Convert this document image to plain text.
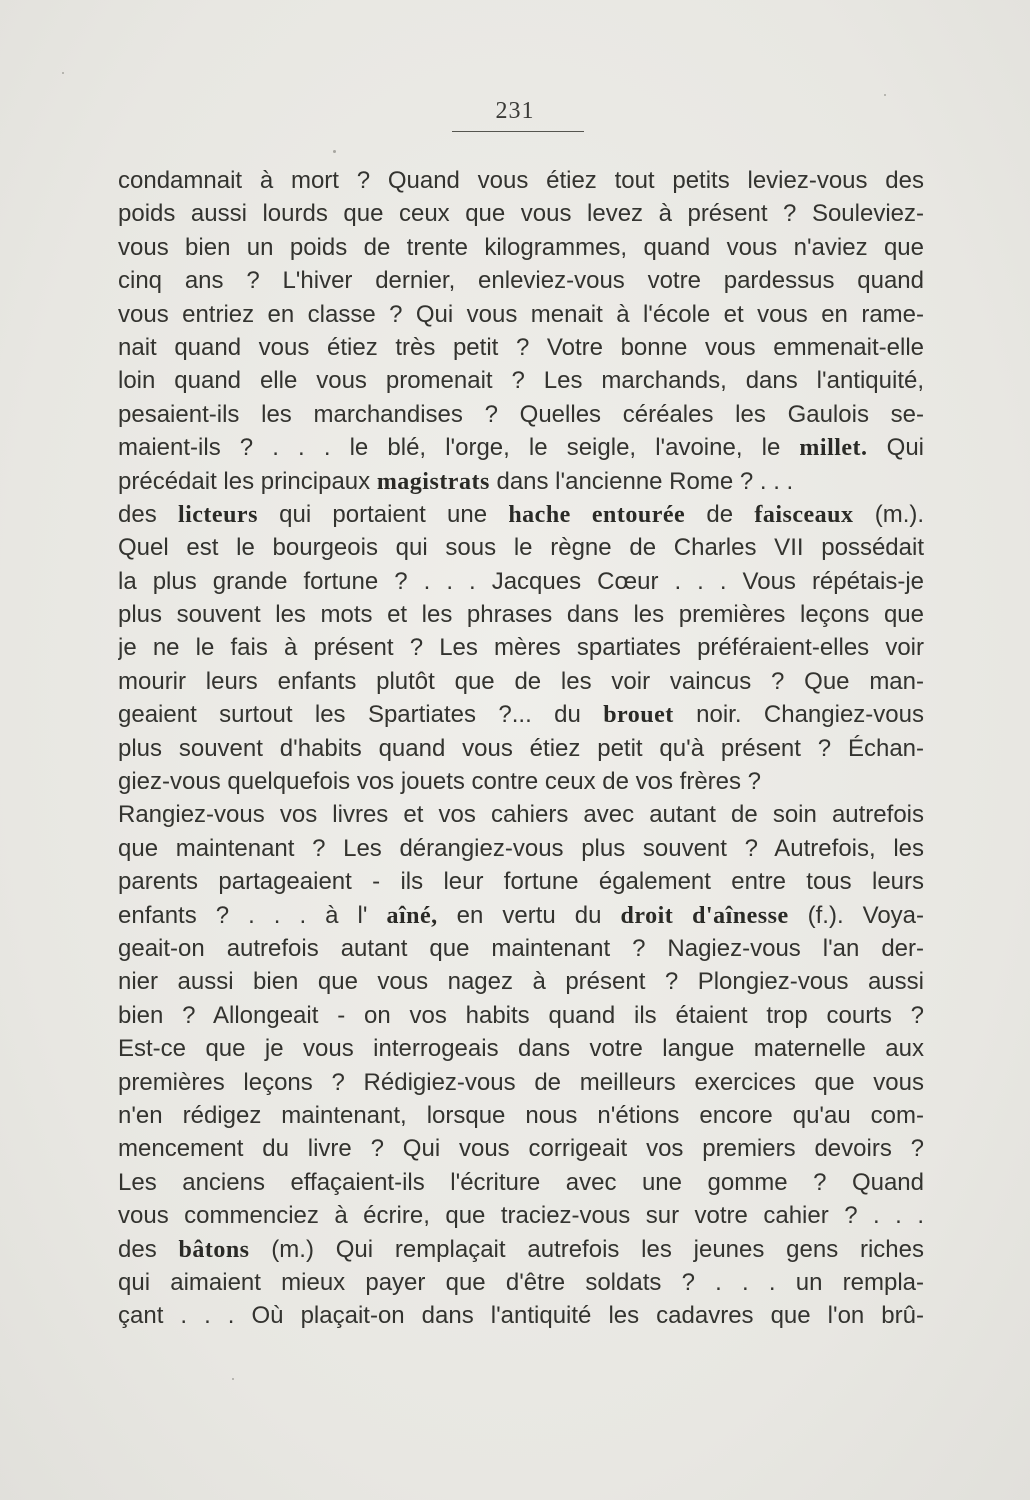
231
condamnait à mort ? Quand vous étiez tout petits leviez-vous des
poids aussi lourds que ceux que vous levez à présent ? Souleviez-
vous bien un poids de trente kilogrammes, quand vous n'aviez que
cinq ans ? L'hiver dernier, enleviez-vous votre pardessus quand
vous entriez en classe ? Qui vous menait à l'école et vous en rame-
nait quand vous étiez très petit ? Votre bonne vous emmenait-elle
loin quand elle vous promenait ? Les marchands, dans l'antiquité,
pesaient-ils les marchandises ? Quelles céréales les Gaulois se-
maient-ils ? . . . le blé, l'orge, le seigle, l'avoine, le millet. Qui
précédait les principaux magistrats dans l'ancienne Rome ? . . .
des licteurs qui portaient une hache entourée de faisceaux (m.).
Quel est le bourgeois qui sous le règne de Charles VII possédait
la plus grande fortune ? . . . Jacques Cœur . . . Vous répétais-je
plus souvent les mots et les phrases dans les premières leçons que
je ne le fais à présent ? Les mères spartiates préféraient-elles voir
mourir leurs enfants plutôt que de les voir vaincus ? Que man-
geaient surtout les Spartiates ?... du brouet noir. Changiez-vous
plus souvent d'habits quand vous étiez petit qu'à présent ? Échan-
giez-vous quelquefois vos jouets contre ceux de vos frères ?
Rangiez-vous vos livres et vos cahiers avec autant de soin autrefois
que maintenant ? Les dérangiez-vous plus souvent ? Autrefois, les
parents partageaient - ils leur fortune également entre tous leurs
enfants ? . . . à l' aîné, en vertu du droit d'aînesse (f.). Voya-
geait-on autrefois autant que maintenant ? Nagiez-vous l'an der-
nier aussi bien que vous nagez à présent ? Plongiez-vous aussi
bien ? Allongeait - on vos habits quand ils étaient trop courts ?
Est-ce que je vous interrogeais dans votre langue maternelle aux
premières leçons ? Rédigiez-vous de meilleurs exercices que vous
n'en rédigez maintenant, lorsque nous n'étions encore qu'au com-
mencement du livre ? Qui vous corrigeait vos premiers devoirs ?
Les anciens effaçaient-ils l'écriture avec une gomme ? Quand
vous commenciez à écrire, que traciez-vous sur votre cahier ? . . .
des bâtons (m.) Qui remplaçait autrefois les jeunes gens riches
qui aimaient mieux payer que d'être soldats ? . . . un rempla-
çant . . . Où plaçait-on dans l'antiquité les cadavres que l'on brû-
